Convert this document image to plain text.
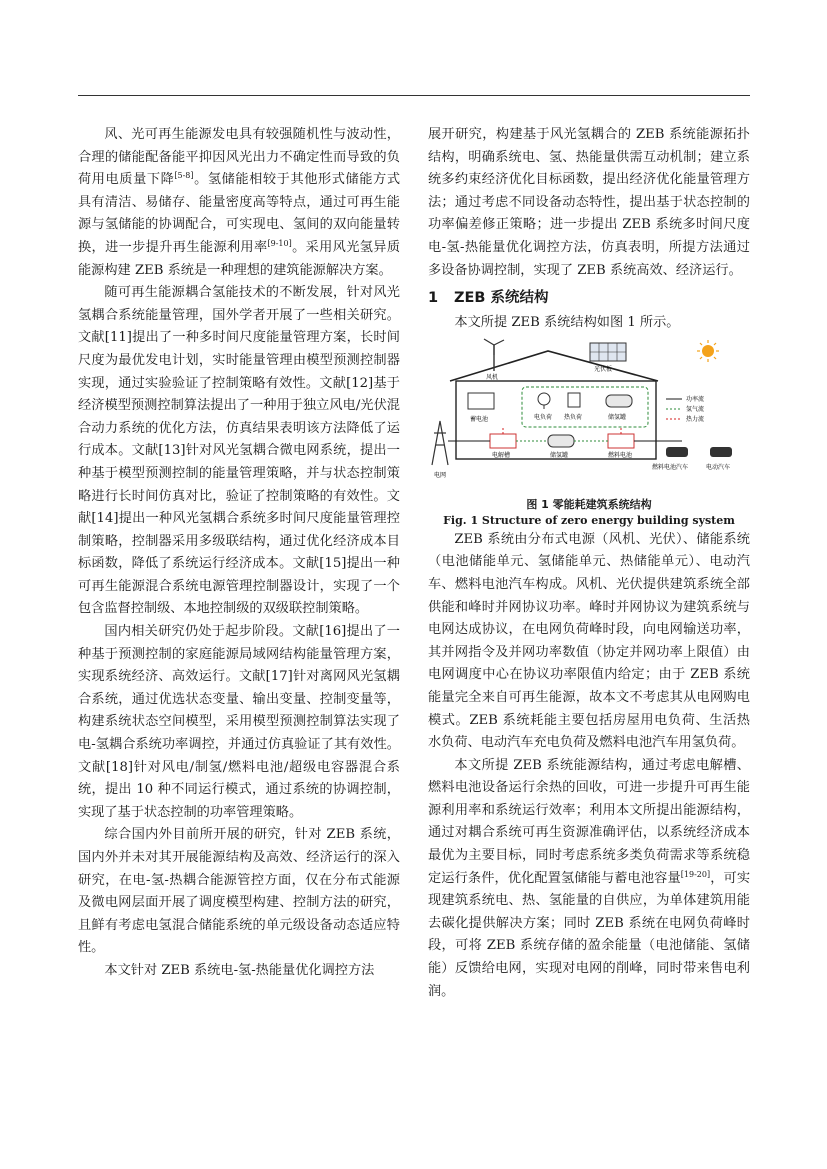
风、光可再生能源发电具有较强随机性与波动性，合理的储能配备能平抑因风光出力不确定性而导致的负荷用电质量下降[5-8]。氢储能相较于其他形式储能方式具有清洁、易储存、能量密度高等特点，通过可再生能源与氢储能的协调配合，可实现电、氢间的双向能量转换，进一步提升再生能源利用率[9-10]。采用风光氢异质能源构建 ZEB 系统是一种理想的建筑能源解决方案。

随可再生能源耦合氢能技术的不断发展，针对风光氢耦合系统能量管理，国外学者开展了一些相关研究。文献[11]提出了一种多时间尺度能量管理方案，长时间尺度为最优发电计划，实时能量管理由模型预测控制器实现，通过实验验证了控制策略有效性。文献[12]基于经济模型预测控制算法提出了一种用于独立风电/光伏混合动力系统的优化方法，仿真结果表明该方法降低了运行成本。文献[13]针对风光氢耦合微电网系统，提出一种基于模型预测控制的能量管理策略，并与状态控制策略进行长时间仿真对比，验证了控制策略的有效性。文献[14]提出一种风光氢耦合系统多时间尺度能量管理控制策略，控制器采用多级联结构，通过优化经济成本目标函数，降低了系统运行经济成本。文献[15]提出一种可再生能源混合系统电源管理控制器设计，实现了一个包含监督控制级、本地控制级的双级联控制策略。

国内相关研究仍处于起步阶段。文献[16]提出了一种基于预测控制的家庭能源局域网结构能量管理方案，实现系统经济、高效运行。文献[17]针对离网风光氢耦合系统，通过优选状态变量、输出变量、控制变量等，构建系统状态空间模型，采用模型预测控制算法实现了电-氢耦合系统功率调控，并通过仿真验证了其有效性。文献[18]针对风电/制氢/燃料电池/超级电容器混合系统，提出 10 种不同运行模式，通过系统的协调控制，实现了基于状态控制的功率管理策略。

综合国内外目前所开展的研究，针对 ZEB 系统，国内外并未对其开展能源结构及高效、经济运行的深入研究，在电-氢-热耦合能源管控方面，仅在分布式能源及微电网层面开展了调度模型构建、控制方法的研究，且鲜有考虑电氢混合储能系统的单元级设备动态适应特性。

本文针对 ZEB 系统电-氢-热能量优化调控方法

展开研究，构建基于风光氢耦合的 ZEB 系统能源拓扑结构，明确系统电、氢、热能量供需互动机制；建立系统多约束经济优化目标函数，提出经济优化能量管理方法；通过考虑不同设备动态特性，提出基于状态控制的功率偏差修正策略；进一步提出 ZEB 系统多时间尺度电-氢-热能量优化调控方法，仿真表明，所提方法通过多设备协调控制，实现了 ZEB 系统高效、经济运行。

1 ZEB 系统结构

本文所提 ZEB 系统结构如图 1 所示。

风机
光伏板
蓄电池	电负荷 热负荷	储氢罐
电解槽	储氢罐	燃料电池
电网
燃料电池汽车	电动汽车
功率流
氢气流
热力流
图 1 零能耗建筑系统结构
Fig. 1 Structure of zero energy building system

ZEB 系统由分布式电源（风机、光伏）、储能系统（电池储能单元、氢储能单元、热储能单元）、电动汽车、燃料电池汽车构成。风机、光伏提供建筑系统全部供能和峰时并网协议功率。峰时并网协议为建筑系统与电网达成协议，在电网负荷峰时段，向电网输送功率，其并网指令及并网功率数值（协定并网功率上限值）由电网调度中心在协议功率限值内给定；由于 ZEB 系统能量完全来自可再生能源，故本文不考虑其从电网购电模式。ZEB 系统耗能主要包括房屋用电负荷、生活热水负荷、电动汽车充电负荷及燃料电池汽车用氢负荷。

本文所提 ZEB 系统能源结构，通过考虑电解槽、燃料电池设备运行余热的回收，可进一步提升可再生能源利用率和系统运行效率；利用本文所提出能源结构，通过对耦合系统可再生资源准确评估，以系统经济成本最优为主要目标，同时考虑系统多类负荷需求等系统稳定运行条件，优化配置氢储能与蓄电池容量[19-20]，可实现建筑系统电、热、氢能量的自供应，为单体建筑用能去碳化提供解决方案；同时 ZEB 系统在电网负荷峰时段，可将 ZEB 系统存储的盈余能量（电池储能、氢储能）反馈给电网，实现对电网的削峰，同时带来售电利润。
